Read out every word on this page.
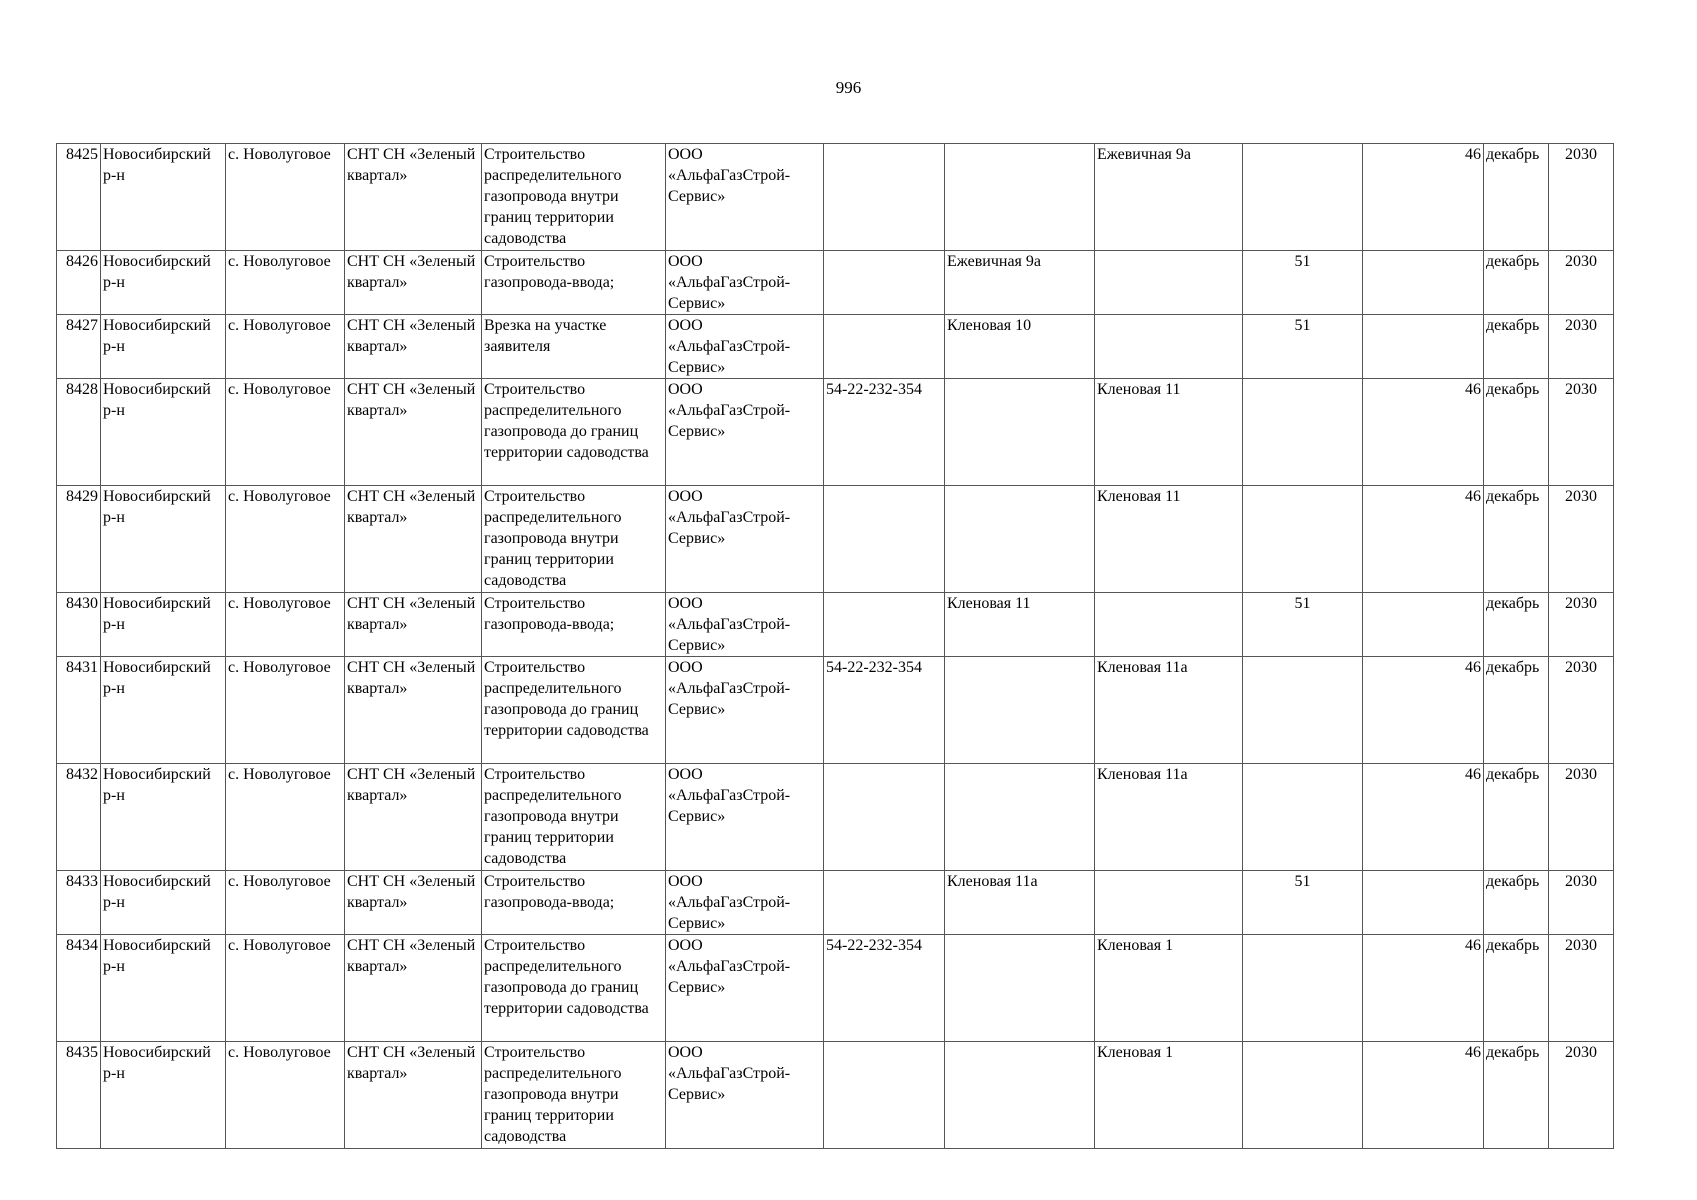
996
8425	Новосибирский р-н	с. Новолуговое	СНТ СН «Зеленый квартал»	Строительство распределительного газопровода внутри границ территории садоводства	ООО «АльфаГазСтрой-Сервис»			Ежевичная 9а		46	декабрь	2030
8426	Новосибирский р-н	с. Новолуговое	СНТ СН «Зеленый квартал»	Строительство газопровода-ввода;	ООО «АльфаГазСтрой-Сервис»		Ежевичная 9а		51		декабрь	2030
8427	Новосибирский р-н	с. Новолуговое	СНТ СН «Зеленый квартал»	Врезка на участке заявителя	ООО «АльфаГазСтрой-Сервис»		Кленовая 10		51		декабрь	2030
8428	Новосибирский р-н	с. Новолуговое	СНТ СН «Зеленый квартал»	Строительство распределительного газопровода до границ территории садоводства	ООО «АльфаГазСтрой-Сервис»	54-22-232-354		Кленовая 11		46	декабрь	2030
8429	Новосибирский р-н	с. Новолуговое	СНТ СН «Зеленый квартал»	Строительство распределительного газопровода внутри границ территории садоводства	ООО «АльфаГазСтрой-Сервис»			Кленовая 11		46	декабрь	2030
8430	Новосибирский р-н	с. Новолуговое	СНТ СН «Зеленый квартал»	Строительство газопровода-ввода;	ООО «АльфаГазСтрой-Сервис»		Кленовая 11		51		декабрь	2030
8431	Новосибирский р-н	с. Новолуговое	СНТ СН «Зеленый квартал»	Строительство распределительного газопровода до границ территории садоводства	ООО «АльфаГазСтрой-Сервис»	54-22-232-354		Кленовая 11а		46	декабрь	2030
8432	Новосибирский р-н	с. Новолуговое	СНТ СН «Зеленый квартал»	Строительство распределительного газопровода внутри границ территории садоводства	ООО «АльфаГазСтрой-Сервис»			Кленовая 11а		46	декабрь	2030
8433	Новосибирский р-н	с. Новолуговое	СНТ СН «Зеленый квартал»	Строительство газопровода-ввода;	ООО «АльфаГазСтрой-Сервис»		Кленовая 11а		51		декабрь	2030
8434	Новосибирский р-н	с. Новолуговое	СНТ СН «Зеленый квартал»	Строительство распределительного газопровода до границ территории садоводства	ООО «АльфаГазСтрой-Сервис»	54-22-232-354		Кленовая 1		46	декабрь	2030
8435	Новосибирский р-н	с. Новолуговое	СНТ СН «Зеленый квартал»	Строительство распределительного газопровода внутри границ территории садоводства	ООО «АльфаГазСтрой-Сервис»			Кленовая 1		46	декабрь	2030
